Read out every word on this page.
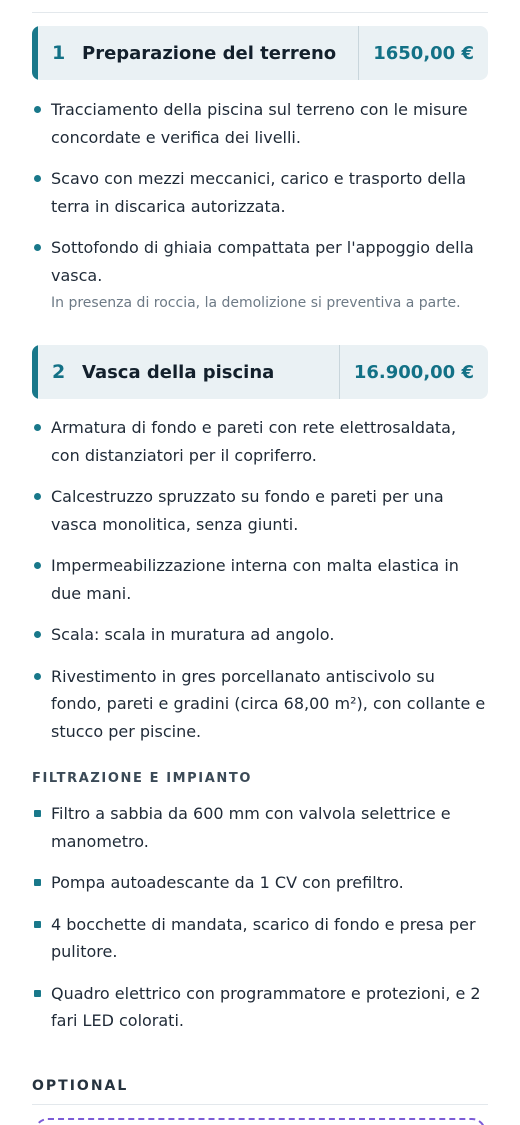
1 Preparazione del terreno	1650,00 €
Tracciamento della piscina sul terreno con le misure concordate e verifica dei livelli.
Scavo con mezzi meccanici, carico e trasporto della terra in discarica autorizzata.
Sottofondo di ghiaia compattata per l'appoggio della vasca.
In presenza di roccia, la demolizione si preventiva a parte.
2 Vasca della piscina	16.900,00 €
Armatura di fondo e pareti con rete elettrosaldata, con distanziatori per il copriferro.
Calcestruzzo spruzzato su fondo e pareti per una vasca monolitica, senza giunti.
Impermeabilizzazione interna con malta elastica in due mani.
Scala: scala in muratura ad angolo.
Rivestimento in gres porcellanato antiscivolo su fondo, pareti e gradini (circa 68,00 m²), con collante e stucco per piscine.
FILTRAZIONE E IMPIANTO
Filtro a sabbia da 600 mm con valvola selettrice e manometro.
Pompa autoadescante da 1 CV con prefiltro.
4 bocchette di mandata, scarico di fondo e presa per pulitore.
Quadro elettrico con programmatore e protezioni, e 2 fari LED colorati.
OPTIONAL
